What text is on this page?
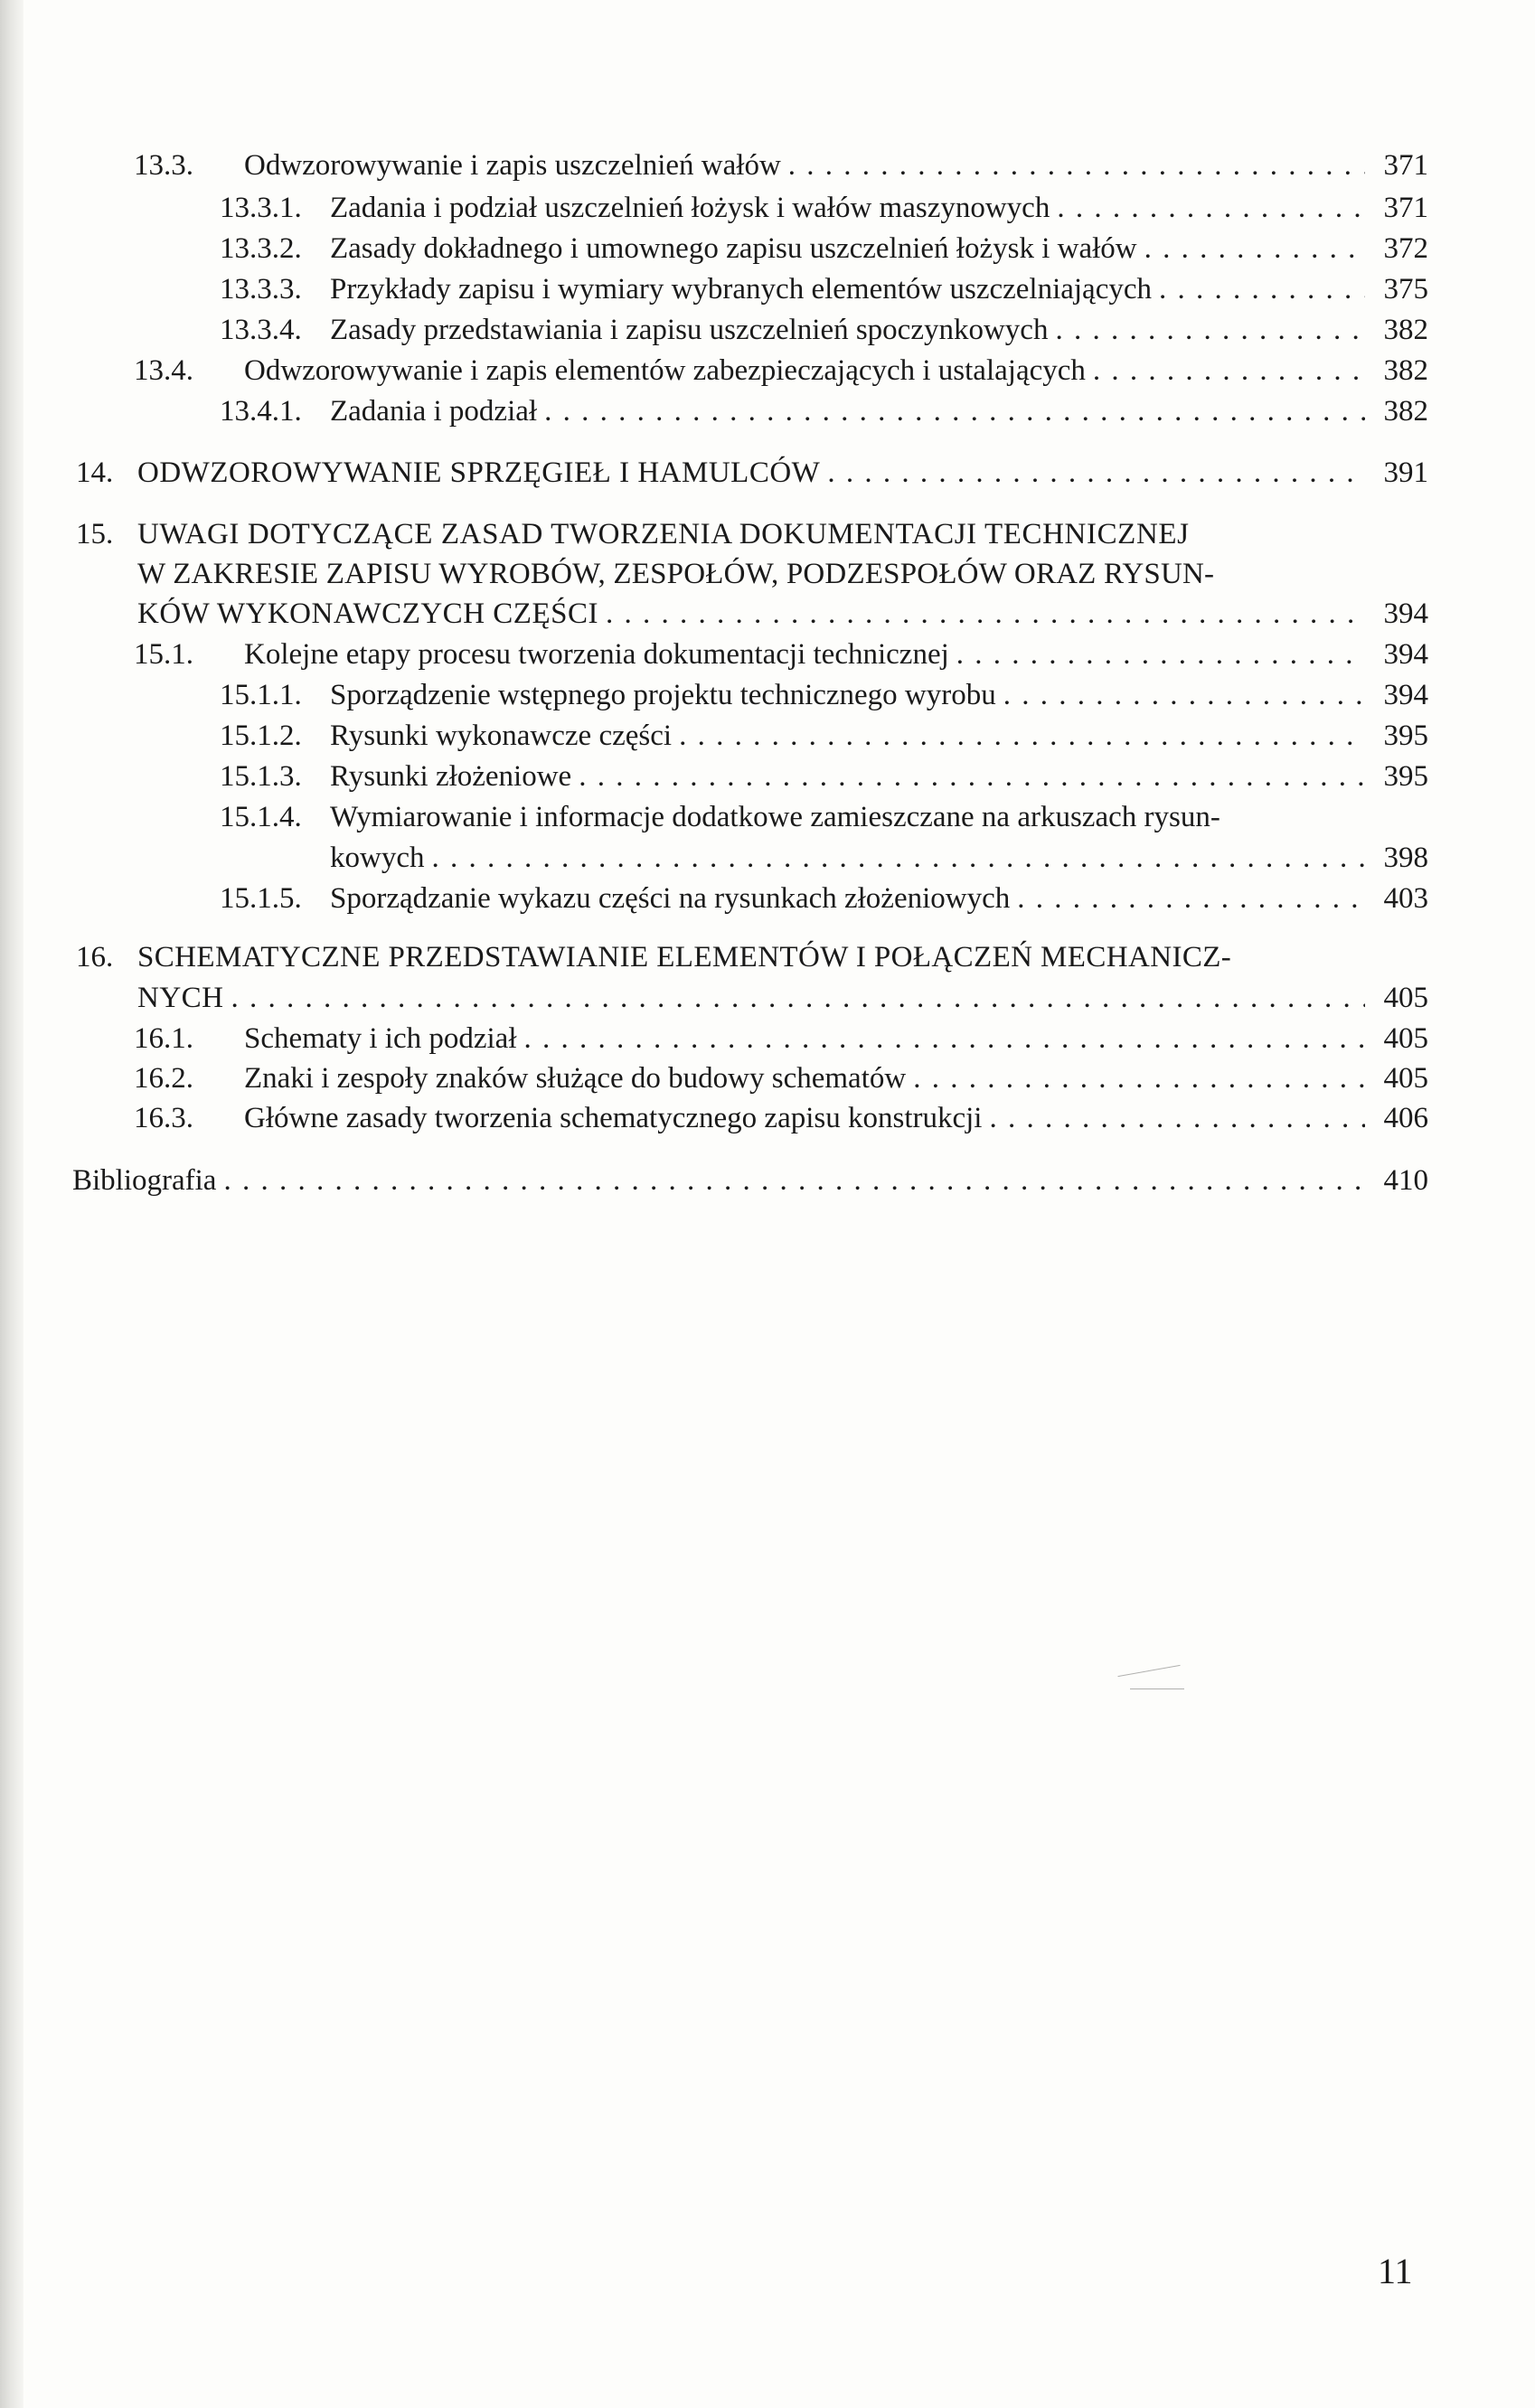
13.3.	Odwzorowywanie i zapis uszczelnień wałów . . .	371
13.3.1. Zadania i podział uszczelnień łożysk i wałów maszynowych . . .	371
13.3.2. Zasady dokładnego i umownego zapisu uszczelnień łożysk i wałów . . .	372
13.3.3. Przykłady zapisu i wymiary wybranych elementów uszczelniających . . .	375
13.3.4. Zasady przedstawiania i zapisu uszczelnień spoczynkowych . . .	382
13.4.	Odwzorowywanie i zapis elementów zabezpieczających i ustalających . . .	382
13.4.1. Zadania i podział . . .	382
14. ODWZOROWYWANIE SPRZĘGIEŁ I HAMULCÓW . . .	391
15. UWAGI DOTYCZĄCE ZASAD TWORZENIA DOKUMENTACJI TECHNICZNEJ
W ZAKRESIE ZAPISU WYROBÓW, ZESPOŁÓW, PODZESPOŁÓW ORAZ RYSUN-
KÓW WYKONAWCZYCH CZĘŚCI . . .	394
15.1.	Kolejne etapy procesu tworzenia dokumentacji technicznej . . .	394
15.1.1. Sporządzenie wstępnego projektu technicznego wyrobu . . .	394
15.1.2. Rysunki wykonawcze części . . .	395
15.1.3. Rysunki złożeniowe . . .	395
15.1.4. Wymiarowanie i informacje dodatkowe zamieszczane na arkuszach rysun-
kowych . . .	398
15.1.5. Sporządzanie wykazu części na rysunkach złożeniowych . . .	403
16. SCHEMATYCZNE PRZEDSTAWIANIE ELEMENTÓW I POŁĄCZEŃ MECHANICZ-
NYCH . . .	405
16.1.	Schematy i ich podział . . .	405
16.2.	Znaki i zespoły znaków służące do budowy schematów . . .	405
16.3.	Główne zasady tworzenia schematycznego zapisu konstrukcji . . .	406
Bibliografia . . .	410
11
